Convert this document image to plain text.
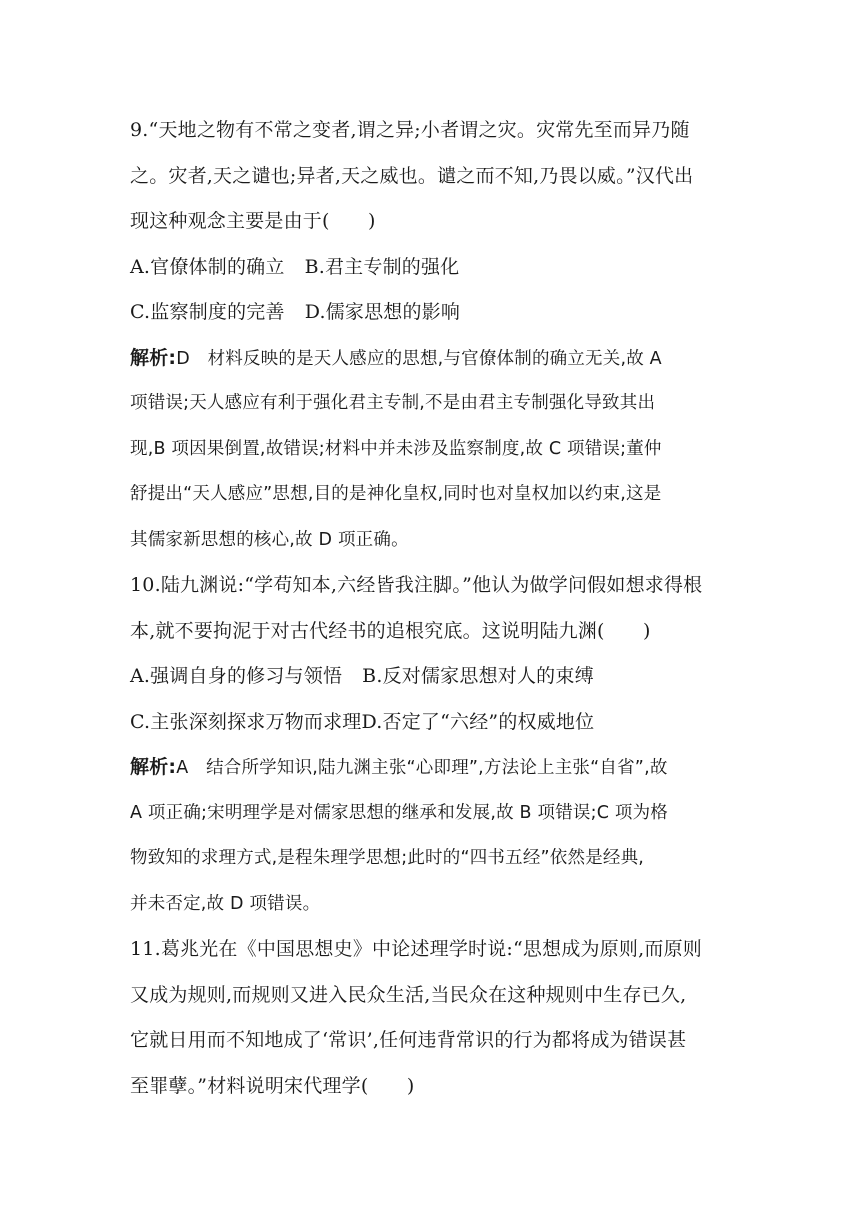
9.“天地之物有不常之变者,谓之异;小者谓之灾。灾常先至而异乃随
之。灾者,天之谴也;异者,天之威也。谴之而不知,乃畏以威。”汉代出
现这种观念主要是由于(　　)
A.官僚体制的确立 B.君主专制的强化
C.监察制度的完善 D.儒家思想的影响
解析:D　材料反映的是天人感应的思想,与官僚体制的确立无关,故 A
项错误;天人感应有利于强化君主专制,不是由君主专制强化导致其出
现,B 项因果倒置,故错误;材料中并未涉及监察制度,故 C 项错误;董仲
舒提出“天人感应”思想,目的是神化皇权,同时也对皇权加以约束,这是
其儒家新思想的核心,故 D 项正确。
10.陆九渊说:“学苟知本,六经皆我注脚。”他认为做学问假如想求得根
本,就不要拘泥于对古代经书的追根究底。这说明陆九渊(　　)
A.强调自身的修习与领悟 B.反对儒家思想对人的束缚
C.主张深刻探求万物而求理D.否定了“六经”的权威地位
解析:A　结合所学知识,陆九渊主张“心即理”,方法论上主张“自省”,故
A 项正确;宋明理学是对儒家思想的继承和发展,故 B 项错误;C 项为格
物致知的求理方式,是程朱理学思想;此时的“四书五经”依然是经典,
并未否定,故 D 项错误。
11.葛兆光在《中国思想史》中论述理学时说:“思想成为原则,而原则
又成为规则,而规则又进入民众生活,当民众在这种规则中生存已久,
它就日用而不知地成了‘常识’,任何违背常识的行为都将成为错误甚
至罪孽。”材料说明宋代理学(　　)
